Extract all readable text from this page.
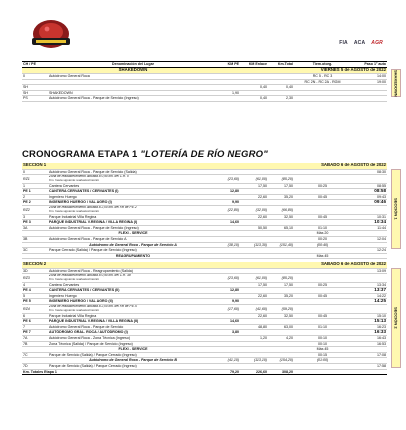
FIA ACA AGR
CH / PE	Denominación del Lugar	KM PE	KM Enlace	Km.Total	Tiem.otorg.	Paso 1° auto
	SHAKEDOWN	VIERNES 5 de AGOSTO de 2022				
0	Autódromo General Roca				RC 5 - RC 3	14:00
					RC 2N - RC 2A - RGM	19:00
SH			0,40	0,40		
SH	SHAKEDOWN	1,90				
PS	Autódromo General Roca - Parque de Servicio (Ingreso)		0,40	2,30		
SHAKEDOWN
CRONOGRAMA ETAPA 1 "LOTERÍA DE RÍO NEGRO"
SECCIÓN 1		SÁBADO 6 de AGOSTO de 2022				
0	Autódromo General Roca - Parque de Servicio (Salida)					08:30
RZ1	Zona de reabastecimiento ubicada a 0,90 km. del C.H. 0
Km. hasta siguiente reabastecimiento	(23,60)	(61,00)	(85,20)		
1	Cantera Cervantes		17,50	17,50	00:25	08:55
PE 1	CANTERA CERVANTES / CERVANTES (I)	12,80				08:58
2	Ingeniero Huergo		22,60	35,20	00:45	09:43
PE 2	INGENIERO HUERGO / VAL AGRO (I)	9,90				09:46
RZ2	Zona de reabastecimiento ubicada a 2,00 km. del Fin de P.E.2
Km. hasta siguiente reabastecimiento	(22,80)	(32,00)	(66,80)		
3	Parque Industrial Villa Regina		22,60	32,50	00:45	10:31
PE 3	PARQUE INDUSTRIAL V.REGINA / VILLA REGINA (I)	14,60				10:34
3A	Autódromo General Roca - Parque de Servicio (Ingreso)		50,50	65,10	01:10	11:44
	FLEXI - SERVICE				Máx.20	
3B	Autódromo General Roca - Parque de Servicio A				00:20	12:04
	Autódromo de General Roca - Parque de Servicio A	(38,10)	(113,30)	(151,40)	(00:40)	
3C	Parque Cerrado (Salida) / Parque de Servicio (Ingreso)					12:24
	REAGRUPAMIENTO				Máx.45	
SECCIÓN 1
SECCIÓN 2		SÁBADO 6 de AGOSTO de 2022				
3D	Autódromo General Roca - Reagrupamiento (Salida)					13:09
RZ3	Zona de reabastecimiento ubicada a 0,90 km. del C.H. 3d
Km. hasta siguiente reabastecimiento	(23,60)	(61,00)	(85,20)		
4	Cantera Cervantes		17,50	17,50	00:25	13:34
PE 4	CANTERA CERVANTES / CERVANTES (II)	12,80				13:37
5	Ingeniero Huergo		22,60	35,20	00:45	14:22
PE 5	INGENIERO HUERGO / VAL AGRO (II)	9,90				14:25
RZ4	Zona de reabastecimiento ubicada a 2,00 km. del Fin de P.E.5
Km. hasta siguiente reabastecimiento	(17,60)	(41,60)	(59,20)		
6	Parque Industrial Villa Regina		22,60	32,50	00:45	15:10
PE 6	PARQUE INDUSTRIAL V.REGINA / VILLA REGINA (II)	14,60				15:13
7	Autódromo General Roca - Parque de Servicio		48,80	63,00	01:10	16:23
PE 7	AUTÓDROMO GRAL. ROCA / AUTÓDROMO (I)	3,80				16:33
7A	Autódromo General Roca - Zona Técnica (Ingreso)		1,20	4,20	00:10	16:43
7B	Zona Técnica (Salida) / Parque de Servicio (Ingreso)				00:10	16:53
	FLEXI - SERVICE				Máx.45	
7C	Parque de Servicio (Salida) / Parque Cerrado (Ingreso)				00:15	17:08
	Autódromo de General Roca - Parque de Servicio B	(41,10)	(113,10)	(154,20)	(01:00)	
7D	Parque de Servicio (Salida) / Parque Cerrado (Ingreso)					17:58
Km. Totales Etapa 1		79,20	226,60	308,20		
SECCIÓN 2
